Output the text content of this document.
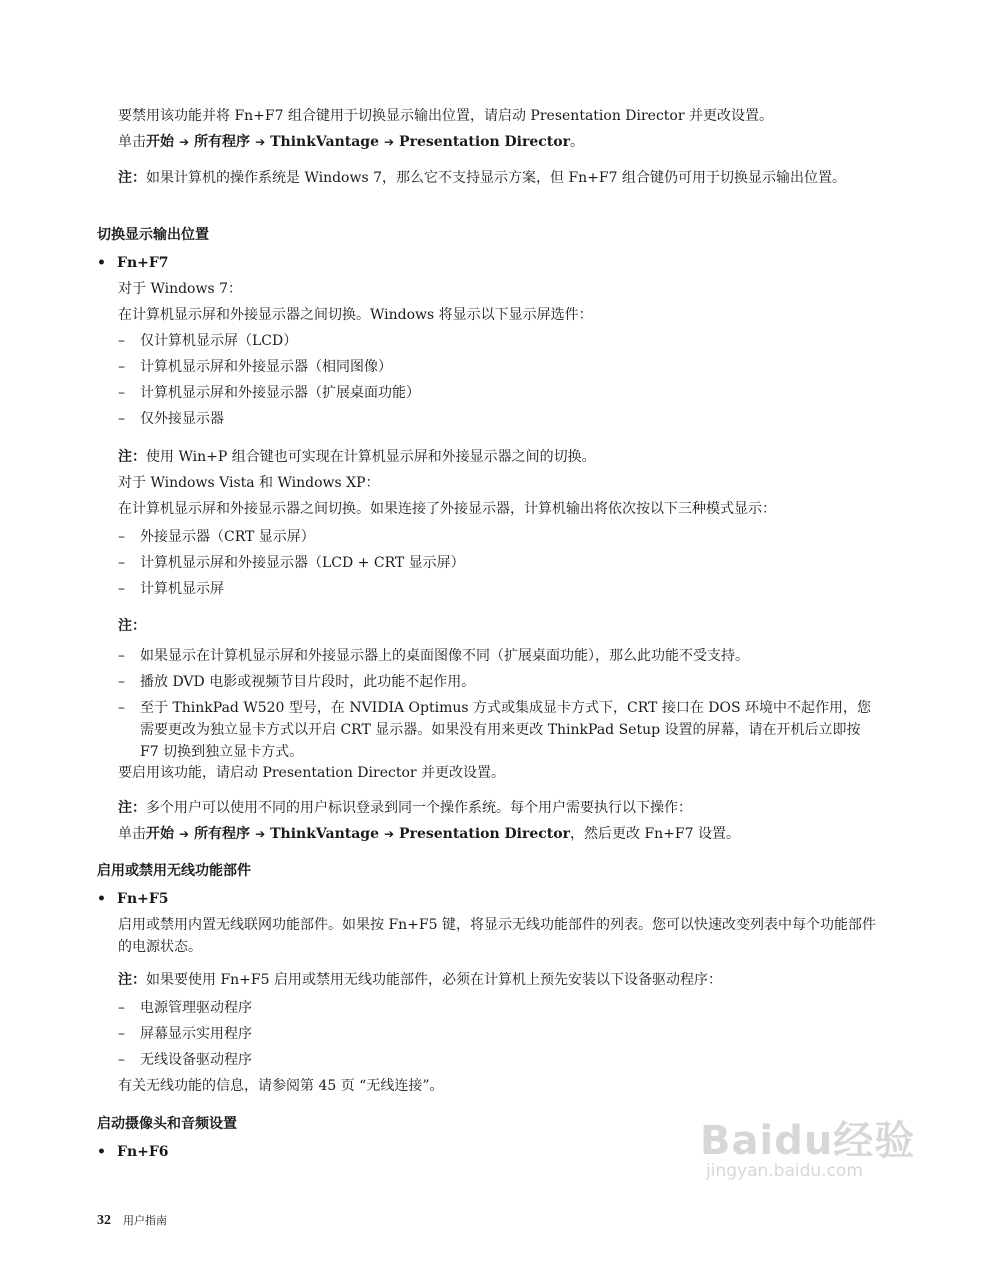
要禁用该功能并将 Fn+F7 组合键用于切换显示输出位置，请启动 Presentation Director 并更改设置。

单击开始 ➔ 所有程序 ➔ ThinkVantage ➔ Presentation Director。

注：如果计算机的操作系统是 Windows 7，那么它不支持显示方案，但 Fn+F7 组合键仍可用于切换显示输出位置。

切换显示输出位置
• Fn+F7

对于 Windows 7：

在计算机显示屏和外接显示器之间切换。Windows 将显示以下显示屏选件：

– 仅计算机显示屏（LCD）

– 计算机显示屏和外接显示器（相同图像）

– 计算机显示屏和外接显示器（扩展桌面功能）

– 仅外接显示器

注：使用 Win+P 组合键也可实现在计算机显示屏和外接显示器之间的切换。

对于 Windows Vista 和 Windows XP：

在计算机显示屏和外接显示器之间切换。如果连接了外接显示器，计算机输出将依次按以下三种模式显示：

– 外接显示器（CRT 显示屏）

– 计算机显示屏和外接显示器（LCD + CRT 显示屏）

– 计算机显示屏

注：

– 如果显示在计算机显示屏和外接显示器上的桌面图像不同（扩展桌面功能），那么此功能不受支持。

– 播放 DVD 电影或视频节目片段时，此功能不起作用。

– 至于 ThinkPad W520 型号，在 NVIDIA Optimus 方式或集成显卡方式下，CRT 接口在 DOS 环境中不起作用，您需要更改为独立显卡方式以开启 CRT 显示器。如果没有用来更改 ThinkPad Setup 设置的屏幕，请在开机后立即按 F7 切换到独立显卡方式。

要启用该功能，请启动 Presentation Director 并更改设置。

注：多个用户可以使用不同的用户标识登录到同一个操作系统。每个用户需要执行以下操作：

单击开始 ➔ 所有程序 ➔ ThinkVantage ➔ Presentation Director，然后更改 Fn+F7 设置。

启用或禁用无线功能部件
• Fn+F5

启用或禁用内置无线联网功能部件。如果按 Fn+F5 键，将显示无线功能部件的列表。您可以快速改变列表中每个功能部件的电源状态。

注：如果要使用 Fn+F5 启用或禁用无线功能部件，必须在计算机上预先安装以下设备驱动程序：

– 电源管理驱动程序

– 屏幕显示实用程序

– 无线设备驱动程序

有关无线功能的信息，请参阅第 45 页 “无线连接”。

启动摄像头和音频设置
• Fn+F6
32 用户指南
Baidu经验
jingyan.baidu.com
